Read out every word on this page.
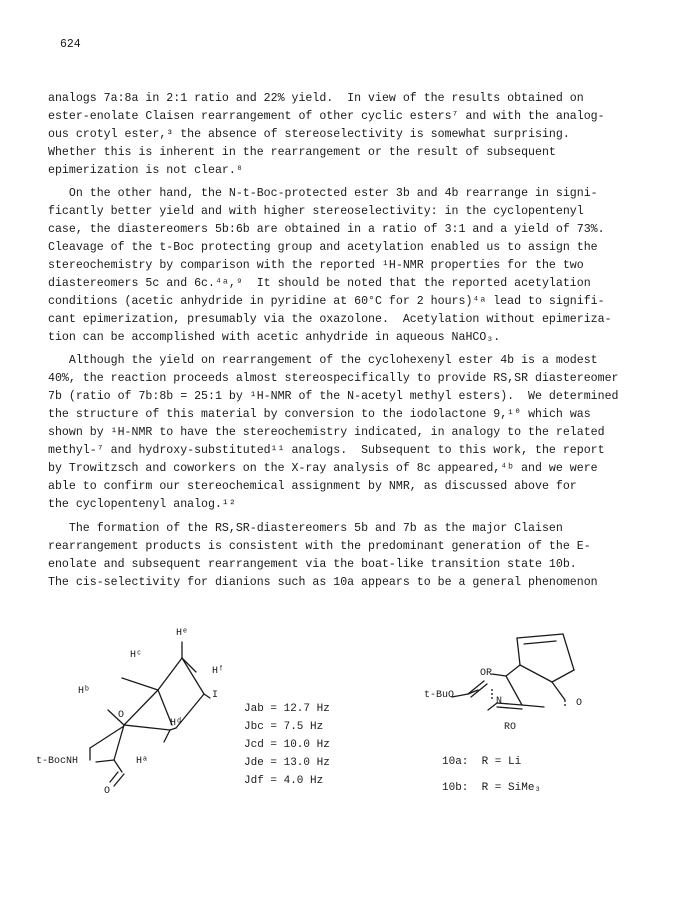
624
analogs 7a:8a in 2:1 ratio and 22% yield.  In view of the results obtained on
ester-enolate Claisen rearrangement of other cyclic esters⁷ and with the analog-
ous crotyl ester,³ the absence of stereoselectivity is somewhat surprising.
Whether this is inherent in the rearrangement or the result of subsequent
epimerization is not clear.⁸
On the other hand, the N-t-Boc-protected ester 3b and 4b rearrange in signi-
ficantly better yield and with higher stereoselectivity: in the cyclopentenyl
case, the diastereomers 5b:6b are obtained in a ratio of 3:1 and a yield of 73%.
Cleavage of the t-Boc protecting group and acetylation enabled us to assign the
stereochemistry by comparison with the reported ¹H-NMR properties for the two
diastereomers 5c and 6c.⁴ᵃ,⁹  It should be noted that the reported acetylation
conditions (acetic anhydride in pyridine at 60°C for 2 hours)⁴ᵃ lead to signifi-
cant epimerization, presumably via the oxazolone.  Acetylation without epimeriza-
tion can be accomplished with acetic anhydride in aqueous NaHCO₃.
Although the yield on rearrangement of the cyclohexenyl ester 4b is a modest
40%, the reaction proceeds almost stereospecifically to provide RS,SR diastereomer
7b (ratio of 7b:8b = 25:1 by ¹H-NMR of the N-acetyl methyl esters).  We determined
the structure of this material by conversion to the iodolactone 9,¹⁰ which was
shown by ¹H-NMR to have the stereochemistry indicated, in analogy to the related
methyl-⁷ and hydroxy-substituted¹¹ analogs.  Subsequent to this work, the report
by Trowitzsch and coworkers on the X-ray analysis of 8c appeared,⁴ᵇ and we were
able to confirm our stereochemical assignment by NMR, as discussed above for
the cyclopentenyl analog.¹²
The formation of the RS,SR-diastereomers 5b and 7b as the major Claisen
rearrangement products is consistent with the predominant generation of the E-
enolate and subsequent rearrangement via the boat-like transition state 10b.
The cis-selectivity for dianions such as 10a appears to be a general phenomenon
Hᵉ
Hᶜ
Hᶠ
Hᵇ	I
O
Hᵈ
t-BocNH	Hᵃ
O
Jab = 12.7 Hz
Jbc = 7.5 Hz
Jcd = 10.0 Hz
Jde = 13.0 Hz
Jdf = 4.0 Hz
OR
t-BuO
N	O
RO
10a:  R = Li
10b:  R = SiMe₃
